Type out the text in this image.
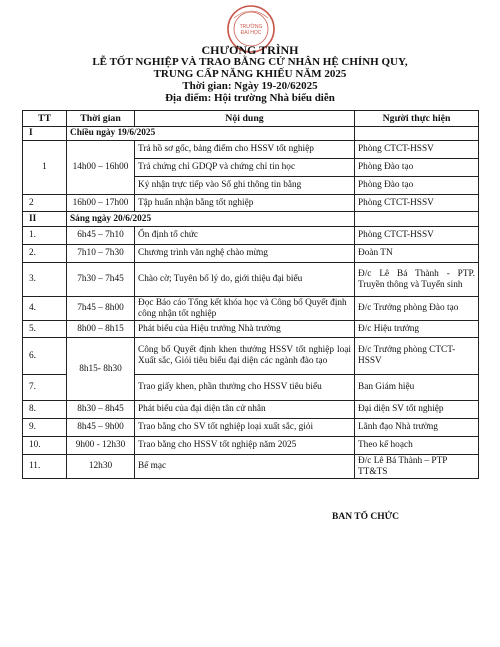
TRƯỜNG
ĐẠI HỌC
CHƯƠNG TRÌNH
LỄ TỐT NGHIỆP VÀ TRAO BẰNG CỬ NHÂN HỆ CHÍNH QUY,
TRUNG CẤP NĂNG KHIẾU NĂM 2025
Thời gian: Ngày 19-20/62025
Địa điểm: Hội trường Nhà biểu diễn
TT	Thời gian	Nội dung	Người thực hiện
I	Chiều ngày 19/6/2025		
1	14h00 – 16h00	Trả hồ sơ gốc, bảng điểm cho HSSV tốt nghiệp	Phòng CTCT-HSSV
		Trả chứng chỉ GDQP và chứng chỉ tin học	Phòng Đào tạo
		Ký nhận trực tiếp vào Sổ ghi thông tin bằng	Phòng Đào tạo
2	16h00 – 17h00	Tập huấn nhận bằng tốt nghiệp	Phòng CTCT-HSSV
II	Sáng ngày 20/6/2025		
1.	6h45 – 7h10	Ổn định tổ chức	Phòng CTCT-HSSV
2.	7h10 – 7h30	Chương trình văn nghệ chào mừng	Đoàn TN
3.	7h30 – 7h45	Chào cờ; Tuyên bố lý do, giới thiệu đại biểu	Đ/c Lê Bá Thành - PTP. Truyền thông và Tuyển sinh
4.	7h45 – 8h00	Đọc Báo cáo Tổng kết khóa học và Công bố Quyết định công nhận tốt nghiệp	Đ/c Trưởng phòng Đào tạo
5.	8h00 – 8h15	Phát biểu của Hiệu trưởng Nhà trường	Đ/c Hiệu trưởng
6.	8h15- 8h30	Công bố Quyết định khen thưởng HSSV tốt nghiệp loại Xuất sắc, Giỏi tiêu biểu đại diện các ngành đào tạo	Đ/c Trưởng phòng CTCT-HSSV
7.		Trao giấy khen, phần thưởng cho HSSV tiêu biểu	Ban Giám hiệu
8.	8h30 – 8h45	Phát biểu của đại diện tân cử nhân	Đại diện SV tốt nghiệp
9.	8h45 – 9h00	Trao bằng cho SV tốt nghiệp loại xuất sắc, giỏi	Lãnh đạo Nhà trường
10.	9h00 - 12h30	Trao bằng cho HSSV tốt nghiệp năm 2025	Theo kế hoạch
11.	12h30	Bế mạc	Đ/c Lê Bá Thành – PTP TT&TS
BAN TỔ CHỨC
